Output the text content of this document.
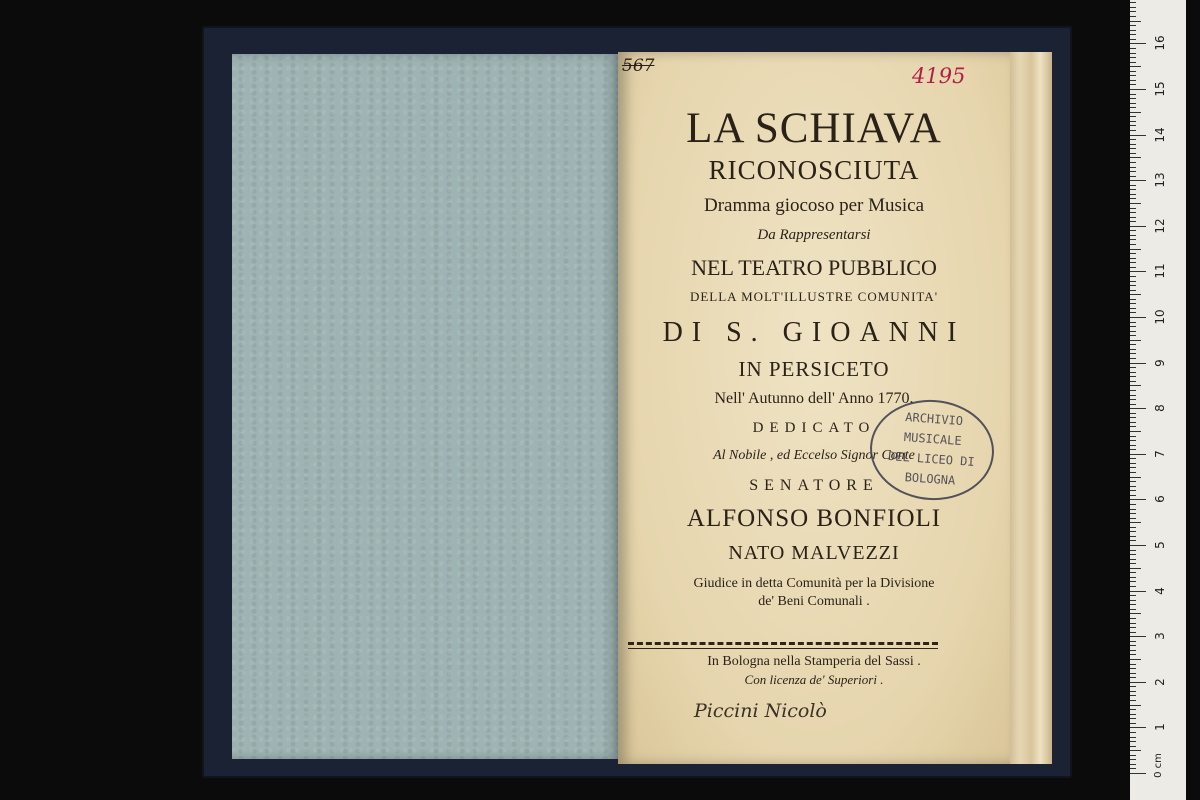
567	4195
LA SCHIAVA
RICONOSCIUTA
Dramma giocoso per Musica
Da Rappresentarsi
NEL TEATRO PUBBLICO
DELLA MOLT'ILLUSTRE COMUNITA'
DI S. GIOANNI
IN PERSICETO
Nell' Autunno dell' Anno 1770.
DEDICATO
Al Nobile , ed Eccelso Signor Conte
SENATORE
ALFONSO BONFIOLI
NATO MALVEZZI
Giudice in detta Comunità per la Divisione
de' Beni Comunali .
In Bologna nella Stamperia del Sassi .
Con licenza de' Superiori .
Piccini Nicolò
ARCHIVIO
MUSICALE
DEL LICEO DI
BOLOGNA
1
2
3
4
5
6
7
8
9
10
11
12
13
14
15
16
0 cm
